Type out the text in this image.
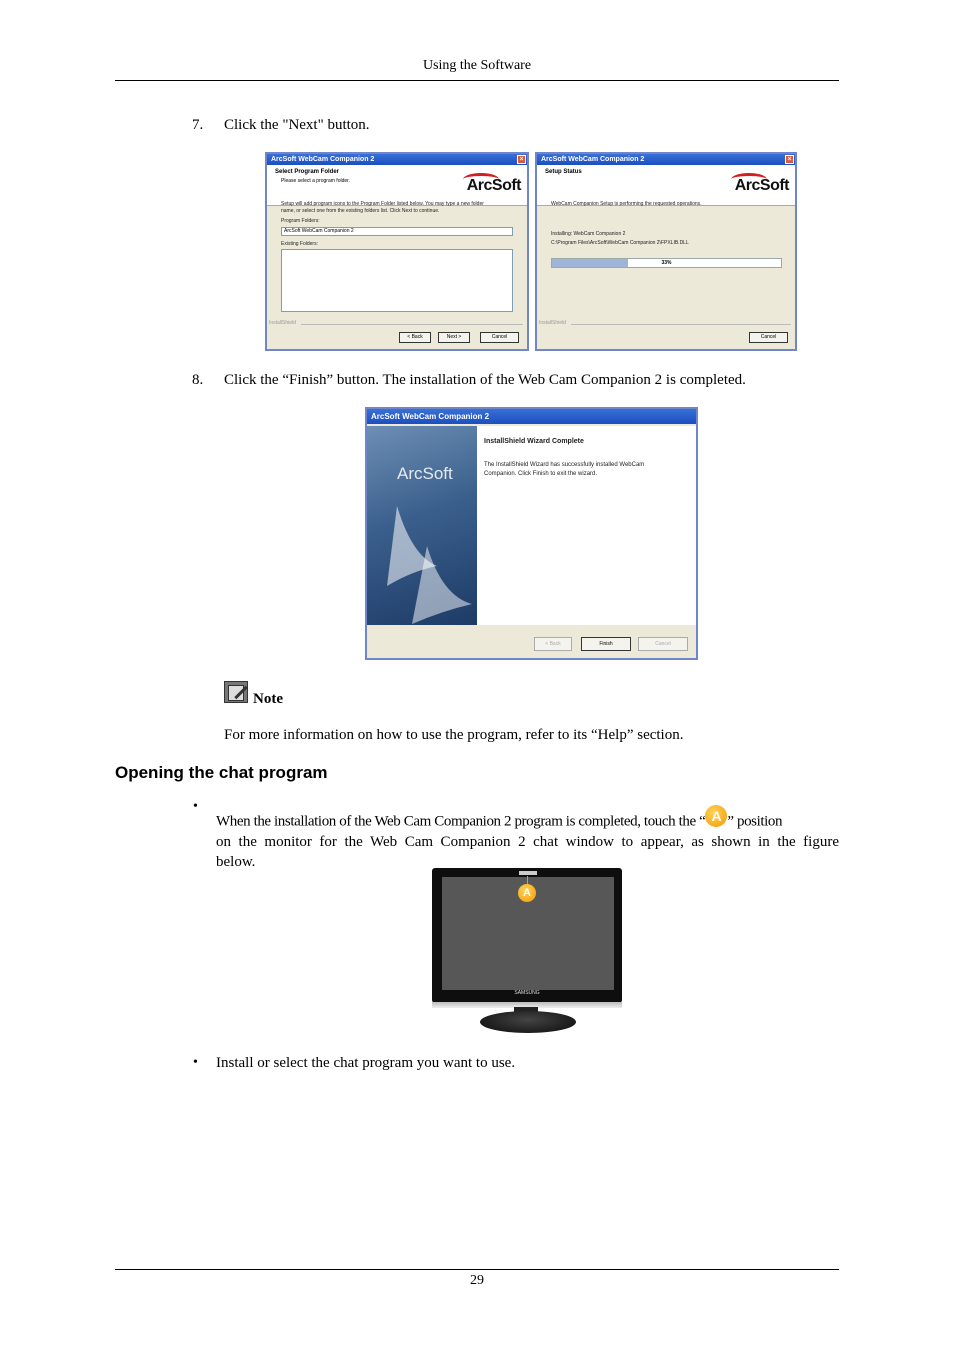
Using the Software
7. Click the "Next" button.
ArcSoft WebCam Companion 2	×
Select Program Folder
Please select a program folder.	ArcSoft
Setup will add program icons to the Program Folder listed below. You may type a new folder
name, or select one from the existing folders list. Click Next to continue.
Program Folders:
ArcSoft WebCam Companion 2
Existing Folders:
InstallShield
< Back	Next >	Cancel
ArcSoft WebCam Companion 2	×
Setup Status
ArcSoft
WebCam Companion Setup is performing the requested operations.
Installing: WebCam Companion 2
C:\Program Files\ArcSoft\WebCam Companion 2\FPXLIB.DLL
33%
InstallShield
Cancel
8. Click the “Finish” button. The installation of the Web Cam Companion 2 is completed.
ArcSoft WebCam Companion 2
ArcSoft
InstallShield Wizard Complete
The InstallShield Wizard has successfully installed WebCam
Companion. Click Finish to exit the wizard.
< Back	Finish	Cancel
Note
For more information on how to use the program, refer to its “Help” section.
Opening the chat program
•
When the installation of the Web Cam Companion 2 program is completed, touch the “ A ” position
on the monitor for the Web Cam Companion 2 chat window to appear, as shown in the figure
below.
A
SAMSUNG
• Install or select the chat program you want to use.
29
